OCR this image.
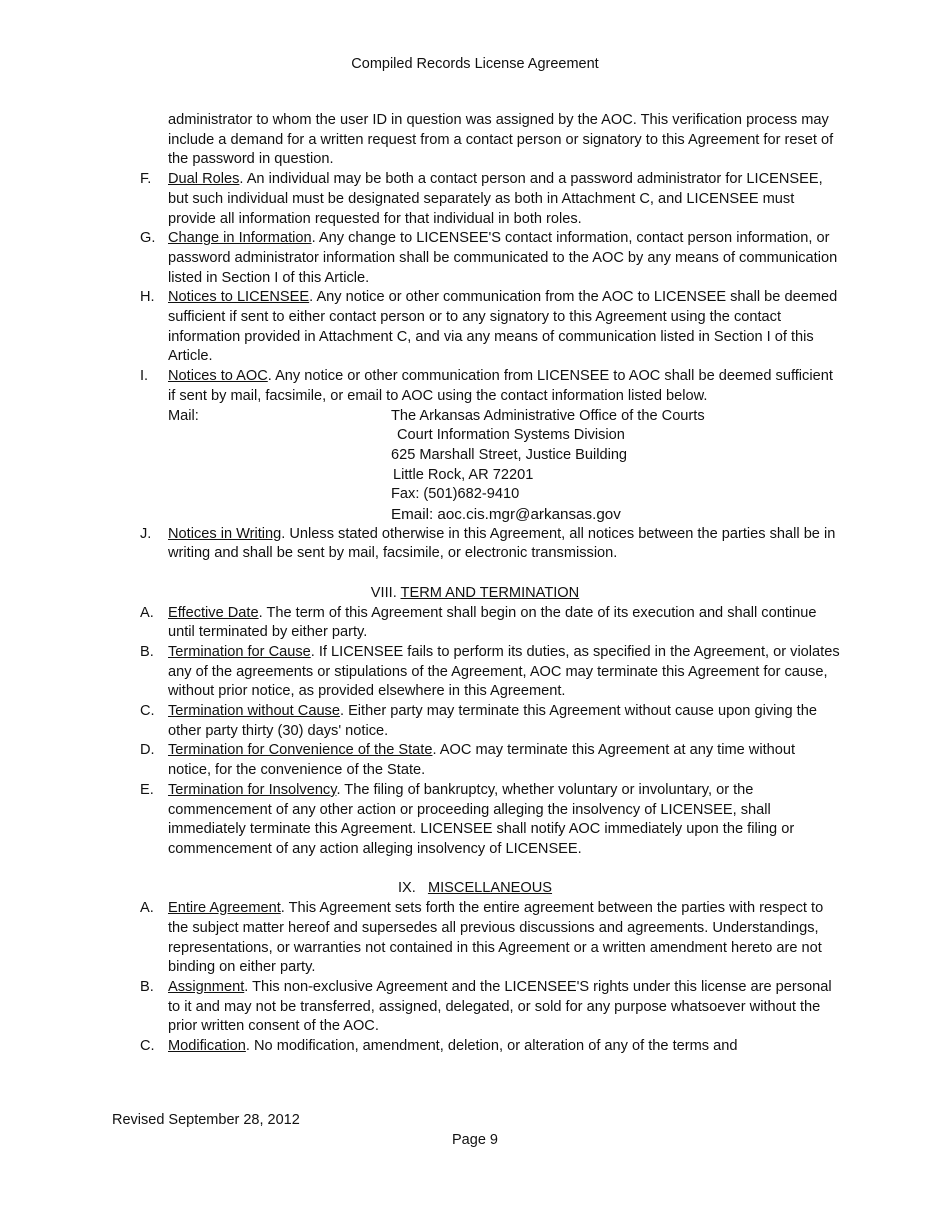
Compiled Records License Agreement
administrator to whom the user ID in question was assigned by the AOC. This verification process may include a demand for a written request from a contact person or signatory to this Agreement for reset of the password in question.
F. Dual Roles. An individual may be both a contact person and a password administrator for LICENSEE, but such individual must be designated separately as both in Attachment C, and LICENSEE must provide all information requested for that individual in both roles.
G. Change in Information. Any change to LICENSEE'S contact information, contact person information, or password administrator information shall be communicated to the AOC by any means of communication listed in Section I of this Article.
H. Notices to LICENSEE. Any notice or other communication from the AOC to LICENSEE shall be deemed sufficient if sent to either contact person or to any signatory to this Agreement using the contact information provided in Attachment C, and via any means of communication listed in Section I of this Article.
I. Notices to AOC. Any notice or other communication from LICENSEE to AOC shall be deemed sufficient if sent by mail, facsimile, or email to AOC using the contact information listed below.
Mail:	The Arkansas Administrative Office of the Courts
Court Information Systems Division
625 Marshall Street, Justice Building
Little Rock, AR 72201
Fax: (501)682-9410
Email: aoc.cis.mgr@arkansas.gov
J. Notices in Writing. Unless stated otherwise in this Agreement, all notices between the parties shall be in writing and shall be sent by mail, facsimile, or electronic transmission.
VIII. TERM AND TERMINATION
A. Effective Date. The term of this Agreement shall begin on the date of its execution and shall continue until terminated by either party.
B. Termination for Cause. If LICENSEE fails to perform its duties, as specified in the Agreement, or violates any of the agreements or stipulations of the Agreement, AOC may terminate this Agreement for cause, without prior notice, as provided elsewhere in this Agreement.
C. Termination without Cause. Either party may terminate this Agreement without cause upon giving the other party thirty (30) days' notice.
D. Termination for Convenience of the State. AOC may terminate this Agreement at any time without notice, for the convenience of the State.
E. Termination for Insolvency. The filing of bankruptcy, whether voluntary or involuntary, or the commencement of any other action or proceeding alleging the insolvency of LICENSEE, shall immediately terminate this Agreement. LICENSEE shall notify AOC immediately upon the filing or commencement of any action alleging insolvency of LICENSEE.
IX. MISCELLANEOUS
A. Entire Agreement. This Agreement sets forth the entire agreement between the parties with respect to the subject matter hereof and supersedes all previous discussions and agreements. Understandings, representations, or warranties not contained in this Agreement or a written amendment hereto are not binding on either party.
B. Assignment. This non-exclusive Agreement and the LICENSEE'S rights under this license are personal to it and may not be transferred, assigned, delegated, or sold for any purpose whatsoever without the prior written consent of the AOC.
C. Modification. No modification, amendment, deletion, or alteration of any of the terms and
Revised September 28, 2012
Page 9
